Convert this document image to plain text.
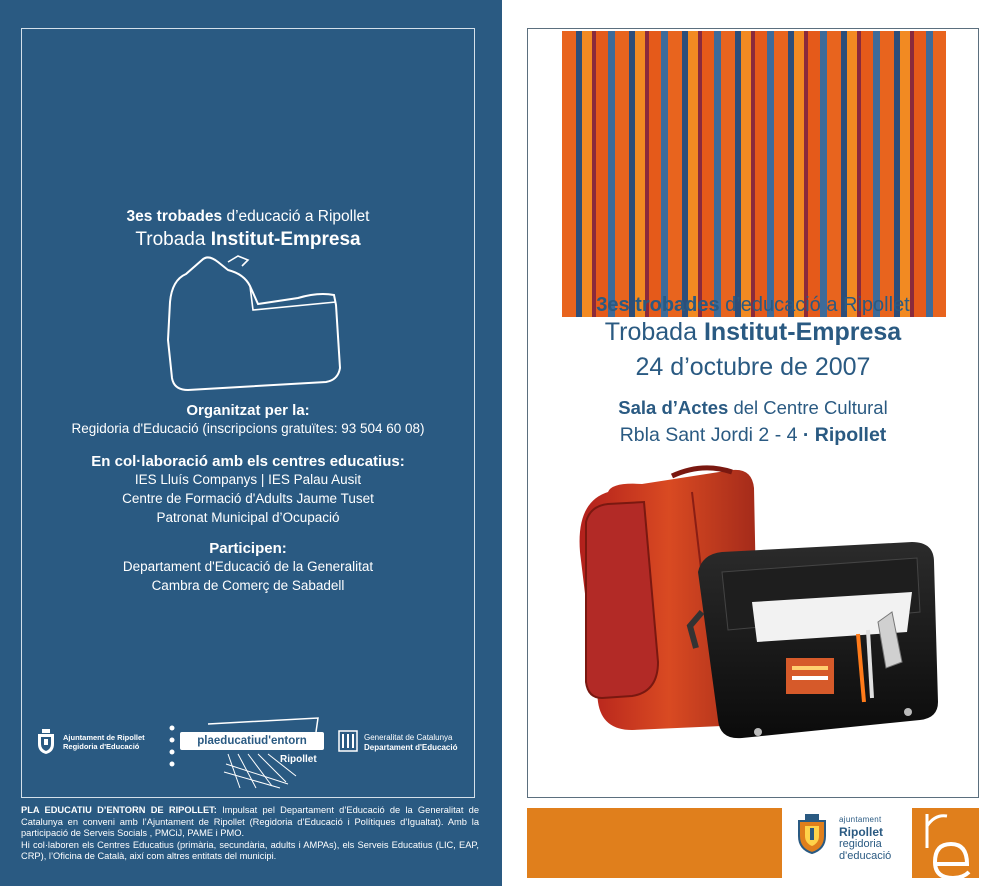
3es trobades d’educació a Ripollet
Trobada Institut-Empresa
Organitzat per la:
Regidoria d'Educació (inscripcions gratuïtes: 93 504 60 08)
En col·laboració amb els centres educatius:
IES Lluís Companys | IES Palau Ausit
Centre de Formació d'Adults Jaume Tuset
Patronat Municipal d’Ocupació
Participen:
Departament d'Educació de la Generalitat
Cambra de Comerç de Sabadell
Ajuntament de Ripollet
Regidoria d'Educació	plaeducatiud'entorn
Ripollet
Generalitat de Catalunya
Departament d'Educació
PLA EDUCATIU D’ENTORN DE RIPOLLET: Impulsat pel Departament d’Educació de la Generalitat de Catalunya en conveni amb l’Ajuntament de Ripollet (Regidoria d’Educació i Polítiques d’Igualtat). Amb la participació de Serveis Socials , PMCiJ, PAME i PMO.
Hi col·laboren els Centres Educatius (primària, secundària, adults i AMPAs), els Serveis Educatius (LIC, EAP, CRP), l’Oficina de Català, així com altres entitats del municipi.
3es trobades d’educació a Ripollet
Trobada Institut-Empresa
24 d’octubre de 2007
Sala d’Actes del Centre Cultural
Rbla Sant Jordi 2 - 4 · Ripollet
ajuntament
Ripollet
regidoria
d'educació
